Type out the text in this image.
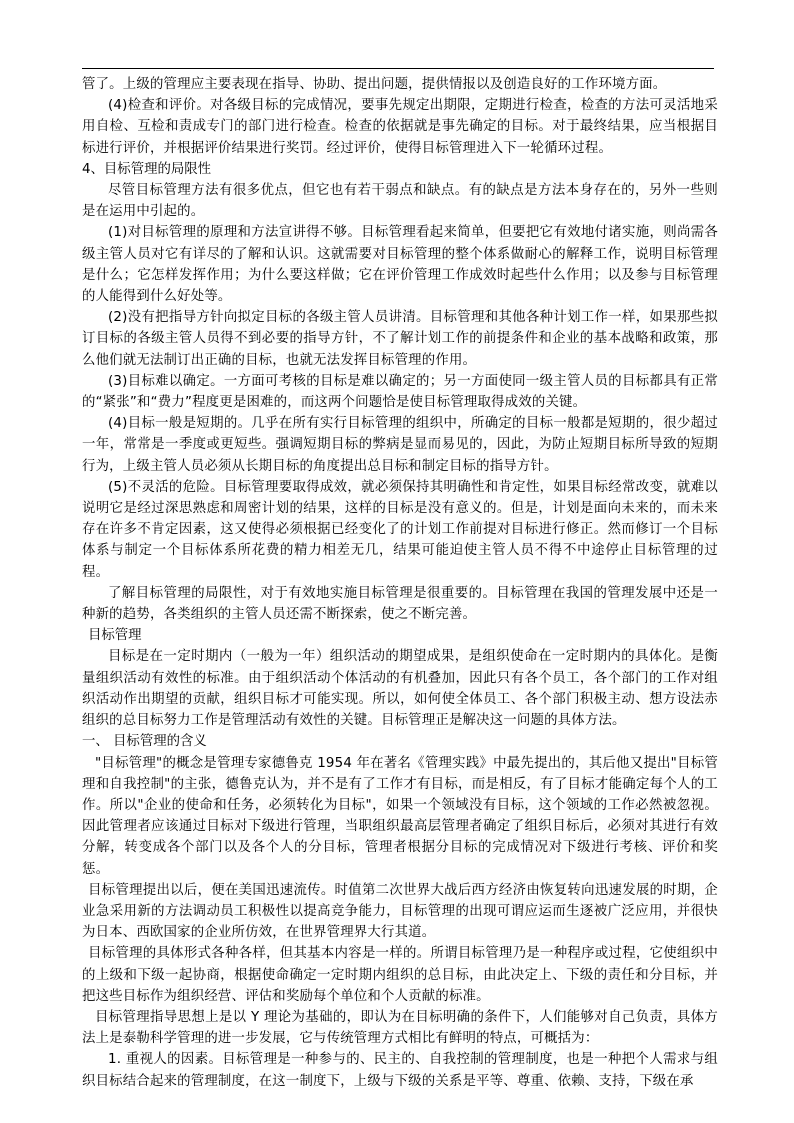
管了。上级的管理应主要表现在指导、协助、提出问题，提供情报以及创造良好的工作环境方面。

(4)检查和评价。对各级目标的完成情况，要事先规定出期限，定期进行检查，检查的方法可灵活地采用自检、互检和责成专门的部门进行检查。检查的依据就是事先确定的目标。对于最终结果，应当根据目标进行评价，并根据评价结果进行奖罚。经过评价，使得目标管理进入下一轮循环过程。

4、目标管理的局限性

尽管目标管理方法有很多优点，但它也有若干弱点和缺点。有的缺点是方法本身存在的，另外一些则是在运用中引起的。

(1)对目标管理的原理和方法宣讲得不够。目标管理看起来简单，但要把它有效地付诸实施，则尚需各级主管人员对它有详尽的了解和认识。这就需要对目标管理的整个体系做耐心的解释工作，说明目标管理是什么；它怎样发挥作用；为什么要这样做；它在评价管理工作成效时起些什么作用；以及参与目标管理的人能得到什么好处等。

(2)没有把指导方针向拟定目标的各级主管人员讲清。目标管理和其他各种计划工作一样，如果那些拟订目标的各级主管人员得不到必要的指导方针，不了解计划工作的前提条件和企业的基本战略和政策，那么他们就无法制订出正确的目标，也就无法发挥目标管理的作用。

(3)目标难以确定。一方面可考核的目标是难以确定的；另一方面使同一级主管人员的目标都具有正常的“紧张”和“费力”程度更是困难的，而这两个问题恰是使目标管理取得成效的关键。

(4)目标一般是短期的。几乎在所有实行目标管理的组织中，所确定的目标一般都是短期的，很少超过一年，常常是一季度或更短些。强调短期目标的弊病是显而易见的，因此，为防止短期目标所导致的短期行为，上级主管人员必须从长期目标的角度提出总目标和制定目标的指导方针。

(5)不灵活的危险。目标管理要取得成效，就必须保持其明确性和肯定性，如果目标经常改变，就难以说明它是经过深思熟虑和周密计划的结果，这样的目标是没有意义的。但是，计划是面向未来的，而未来存在许多不肯定因素，这又使得必须根据已经变化了的计划工作前提对目标进行修正。然而修订一个目标体系与制定一个目标体系所花费的精力相差无几，结果可能迫使主管人员不得不中途停止目标管理的过程。

了解目标管理的局限性，对于有效地实施目标管理是很重要的。目标管理在我国的管理发展中还是一种新的趋势，各类组织的主管人员还需不断探索，使之不断完善。

目标管理

目标是在一定时期内（一般为一年）组织活动的期望成果，是组织使命在一定时期内的具体化。是衡量组织活动有效性的标准。由于组织活动个体活动的有机叠加，因此只有各个员工，各个部门的工作对组织活动作出期望的贡献，组织目标才可能实现。所以，如何使全体员工、各个部门积极主动、想方设法赤组织的总目标努力工作是管理活动有效性的关键。目标管理正是解决这一问题的具体方法。

一、 目标管理的含义

"目标管理"的概念是管理专家德鲁克 1954 年在著名《管理实践》中最先提出的，其后他又提出"目标管理和自我控制"的主张，德鲁克认为，并不是有了工作才有目标，而是相反，有了目标才能确定每个人的工作。所以"企业的使命和任务，必须转化为目标"，如果一个领域没有目标，这个领域的工作必然被忽视。因此管理者应该通过目标对下级进行管理，当职组织最高层管理者确定了组织目标后，必须对其进行有效分解，转变成各个部门以及各个人的分目标，管理者根据分目标的完成情况对下级进行考核、评价和奖惩。

目标管理提出以后，便在美国迅速流传。时值第二次世界大战后西方经济由恢复转向迅速发展的时期，企业急采用新的方法调动员工积极性以提高竞争能力，目标管理的出现可谓应运而生逐被广泛应用，并很快为日本、西欧国家的企业所仿效，在世界管理界大行其道。

目标管理的具体形式各种各样，但其基本内容是一样的。所谓目标管理乃是一种程序或过程，它使组织中的上级和下级一起协商，根据使命确定一定时期内组织的总目标，由此决定上、下级的责任和分目标，并把这些目标作为组织经营、评估和奖励每个单位和个人贡献的标准。

目标管理指导思想上是以 Y 理论为基础的，即认为在目标明确的条件下，人们能够对自己负责，具体方法上是泰勒科学管理的进一步发展，它与传统管理方式相比有鲜明的特点，可概括为：

1. 重视人的因素。目标管理是一种参与的、民主的、自我控制的管理制度，也是一种把个人需求与组织目标结合起来的管理制度，在这一制度下，上级与下级的关系是平等、尊重、依赖、支持，下级在承
